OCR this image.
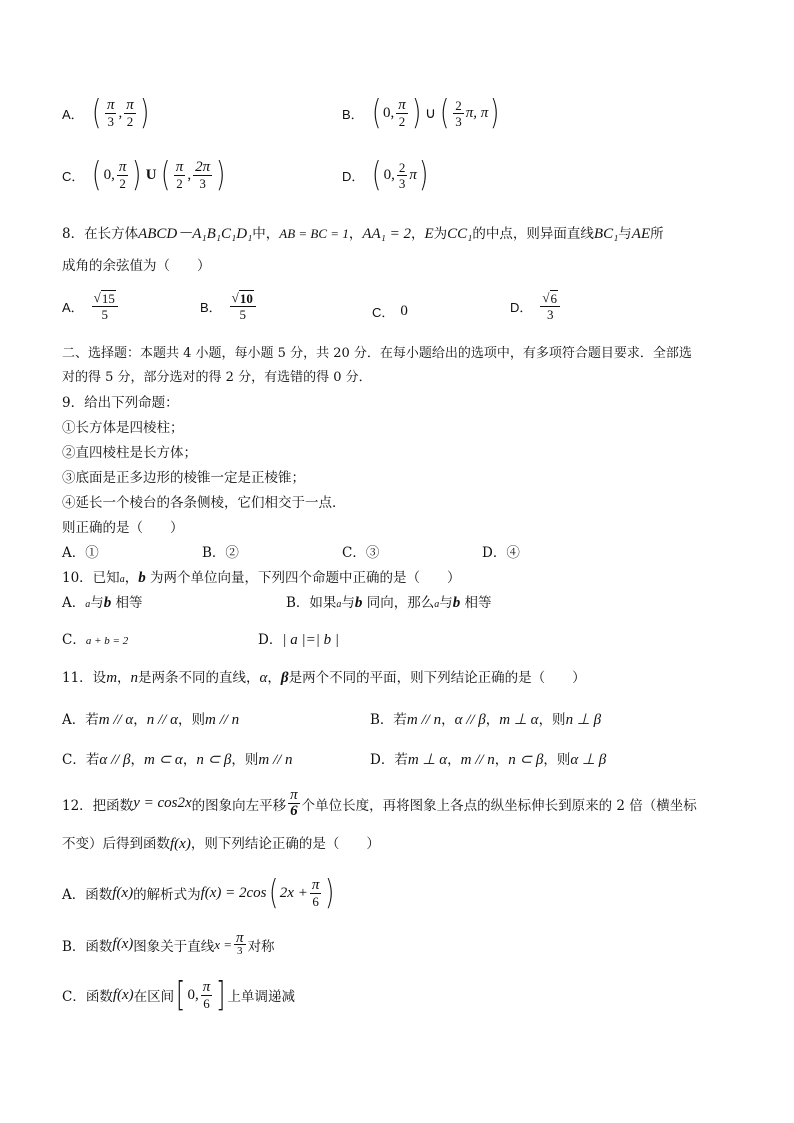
A． ( $\frac{\pi}{3}$ , $\frac{\pi}{2}$ )	B． ( 0, $\frac{\pi}{2}$ ) ∪ ( $\frac{2}{3} \pi$, π )
C． ( 0, $\frac{\pi}{2}$ ) U ( $\frac{\pi}{2}$ , $\frac{2\pi}{3}$ )	D． ( 0, $\frac{2}{3}$ π )
8．在长方体ABCD－A₁B₁C₁D₁中，AB = BC = 1，AA₁ = 2，E为CC₁的中点，则异面直线BC₁与AE所
成角的余弦值为（　　）
A． $\frac{√ 15}{5}$	B． $\frac{√ 10}{5}$	C． 0	D． $\frac{√ 6}{3}$
二、选择题：本题共 4 小题，每小题 5 分，共 20 分．在每小题给出的选项中，有多项符合题目要求．全部选
对的得 5 分，部分选对的得 2 分，有选错的得 0 分．
9．给出下列命题：
①长方体是四棱柱；
②直四棱柱是长方体；
③底面是正多边形的棱锥一定是正棱锥；
④延长一个棱台的各条侧棱，它们相交于一点．
则正确的是（　　）
A．①	B．②	C．③	D．④
10．已知a，b 为两个单位向量，下列四个命题中正确的是（　　）
A．a与b 相等	B．如果a与b 同向，那么a与b 相等
C．a + b = 2	D．| a |=| b |
11．设m，n是两条不同的直线，α，β是两个不同的平面，则下列结论正确的是（　　）
A．若m // α，n // α，则m // n	B．若m // n，α // β，m ⊥ α，则n ⊥ β
C．若α // β，m ⊂ α，n ⊂ β，则m // n	D．若m ⊥ α，m // n，n ⊂ β，则α ⊥ β
12．把函数 y = cos2x 的图象向左平移 $\frac{\pi}{6}$ 个单位长度，再将图象上各点的纵坐标伸长到原来的 2 倍（横坐标
不变）后得到函数f(x)，则下列结论正确的是（　　）
A．函数 f(x) 的解析式为 f(x) = 2cos ( $2x + \frac{\pi}{6}$ )
B．函数 f(x) 图象关于直线 $x = \frac{\pi}{3}$ 对称
C．函数 f(x) 在区间 [ 0, $\frac{\pi}{6}$ ] 上单调递减
